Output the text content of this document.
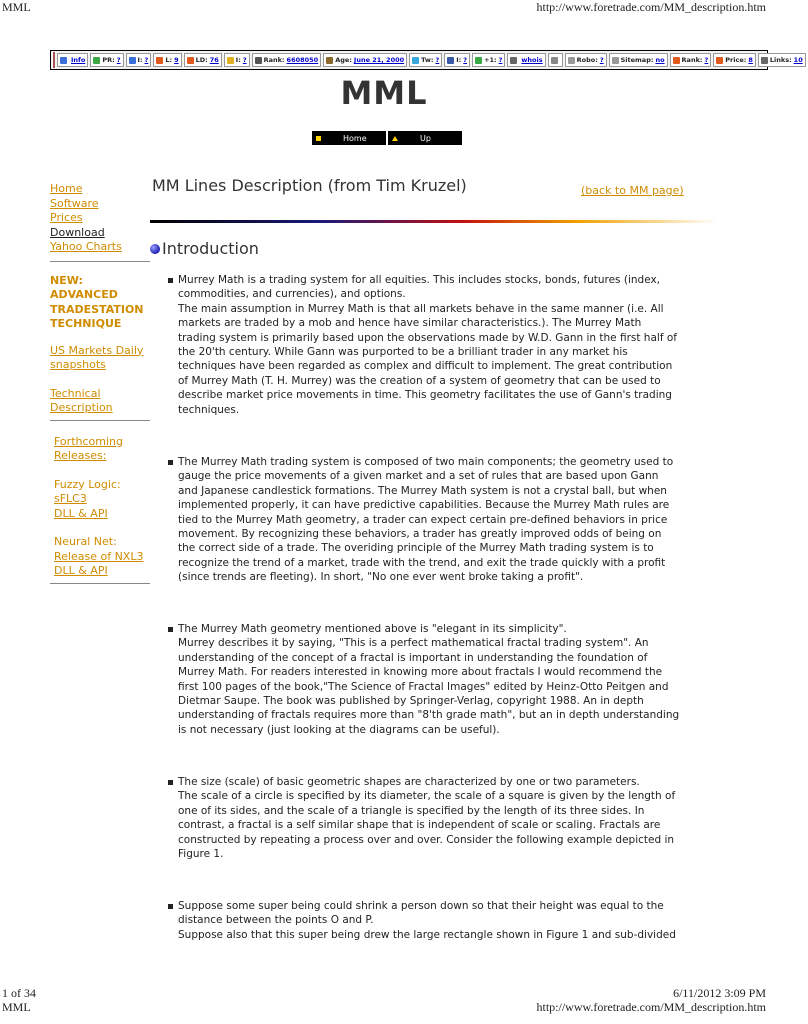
MML	http://www.foretrade.com/MM_description.htm
Info	PR: ?	I: ?	L: 9	LD: 76	I: ?	Rank: 6608050	Age: June 21, 2000	Tw: ?	I: ?	+1: ?	whois	Robo: ?	Sitemap: no	Rank: ?	Price: 8	Links: 10
MML
Home	Up
Home
Software
Prices
Download
Yahoo Charts
NEW:
ADVANCED
TRADESTATION
TECHNIQUE
US Markets Daily
snapshots
Technical
Description
Forthcoming
Releases:
Fuzzy Logic:
sFLC3
DLL & API
Neural Net:
Release of NXL3
DLL & API
MM Lines Description (from Tim Kruzel)	(back to MM page)
Introduction

Murrey Math is a trading system for all equities. This includes stocks, bonds, futures (index,
commodities, and currencies), and options.
The main assumption in Murrey Math is that all markets behave in the same manner (i.e. All
markets are traded by a mob and hence have similar characteristics.). The Murrey Math
trading system is primarily based upon the observations made by W.D. Gann in the first half of
the 20'th century. While Gann was purported to be a brilliant trader in any market his
techniques have been regarded as complex and difficult to implement. The great contribution
of Murrey Math (T. H. Murrey) was the creation of a system of geometry that can be used to
describe market price movements in time. This geometry facilitates the use of Gann's trading
techniques.

The Murrey Math trading system is composed of two main components; the geometry used to
gauge the price movements of a given market and a set of rules that are based upon Gann
and Japanese candlestick formations. The Murrey Math system is not a crystal ball, but when
implemented properly, it can have predictive capabilities. Because the Murrey Math rules are
tied to the Murrey Math geometry, a trader can expect certain pre-defined behaviors in price
movement. By recognizing these behaviors, a trader has greatly improved odds of being on
the correct side of a trade. The overiding principle of the Murrey Math trading system is to
recognize the trend of a market, trade with the trend, and exit the trade quickly with a profit
(since trends are fleeting). In short, "No one ever went broke taking a profit".

The Murrey Math geometry mentioned above is "elegant in its simplicity".
Murrey describes it by saying, "This is a perfect mathematical fractal trading system". An
understanding of the concept of a fractal is important in understanding the foundation of
Murrey Math. For readers interested in knowing more about fractals I would recommend the
first 100 pages of the book,"The Science of Fractal Images" edited by Heinz-Otto Peitgen and
Dietmar Saupe. The book was published by Springer-Verlag, copyright 1988. An in depth
understanding of fractals requires more than "8'th grade math", but an in depth understanding
is not necessary (just looking at the diagrams can be useful).

The size (scale) of basic geometric shapes are characterized by one or two parameters.
The scale of a circle is specified by its diameter, the scale of a square is given by the length of
one of its sides, and the scale of a triangle is specified by the length of its three sides. In
contrast, a fractal is a self similar shape that is independent of scale or scaling. Fractals are
constructed by repeating a process over and over. Consider the following example depicted in
Figure 1.

Suppose some super being could shrink a person down so that their height was equal to the
distance between the points O and P.
Suppose also that this super being drew the large rectangle shown in Figure 1 and sub-divided

1 of 34
MML
6/11/2012 3:09 PM
http://www.foretrade.com/MM_description.htm
